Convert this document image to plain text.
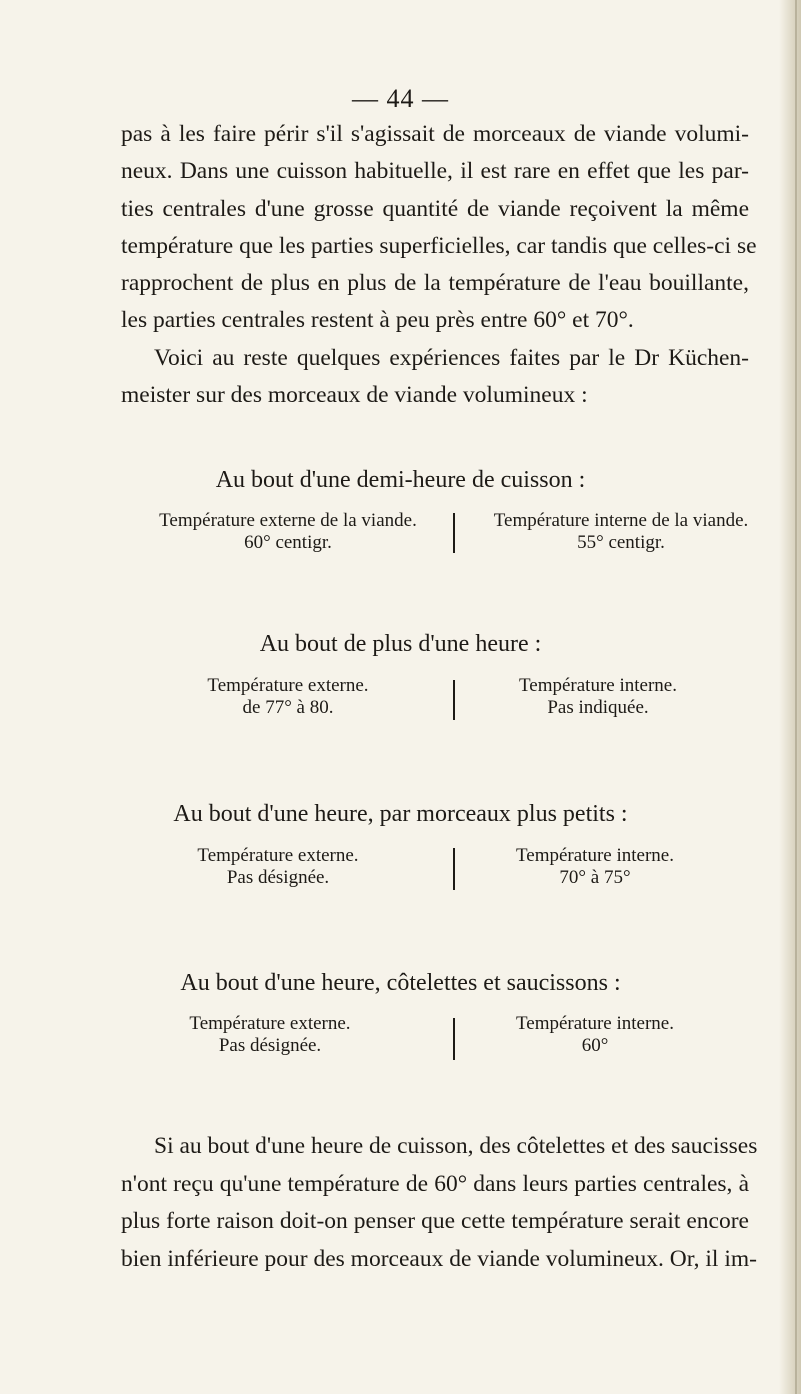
— 44 —
pas à les faire périr s'il s'agissait de morceaux de viande volumi-
neux. Dans une cuisson habituelle, il est rare en effet que les par-
ties centrales d'une grosse quantité de viande reçoivent la même
température que les parties superficielles, car tandis que celles-ci se
rapprochent de plus en plus de la température de l'eau bouillante,
les parties centrales restent à peu près entre 60° et 70°.
Voici au reste quelques expériences faites par le Dr Küchen-
meister sur des morceaux de viande volumineux :
Au bout d'une demi-heure de cuisson :
Température externe de la viande.
60° centigr.
Température interne de la viande.
55° centigr.
Au bout de plus d'une heure :
Température externe.
de 77° à 80.
Température interne.
Pas indiquée.
Au bout d'une heure, par morceaux plus petits :
Température externe.
Pas désignée.
Température interne.
70° à 75°
Au bout d'une heure, côtelettes et saucissons :
Température externe.
Pas désignée.
Température interne.
60°
Si au bout d'une heure de cuisson, des côtelettes et des saucisses
n'ont reçu qu'une température de 60° dans leurs parties centrales, à
plus forte raison doit-on penser que cette température serait encore
bien inférieure pour des morceaux de viande volumineux. Or, il im-
